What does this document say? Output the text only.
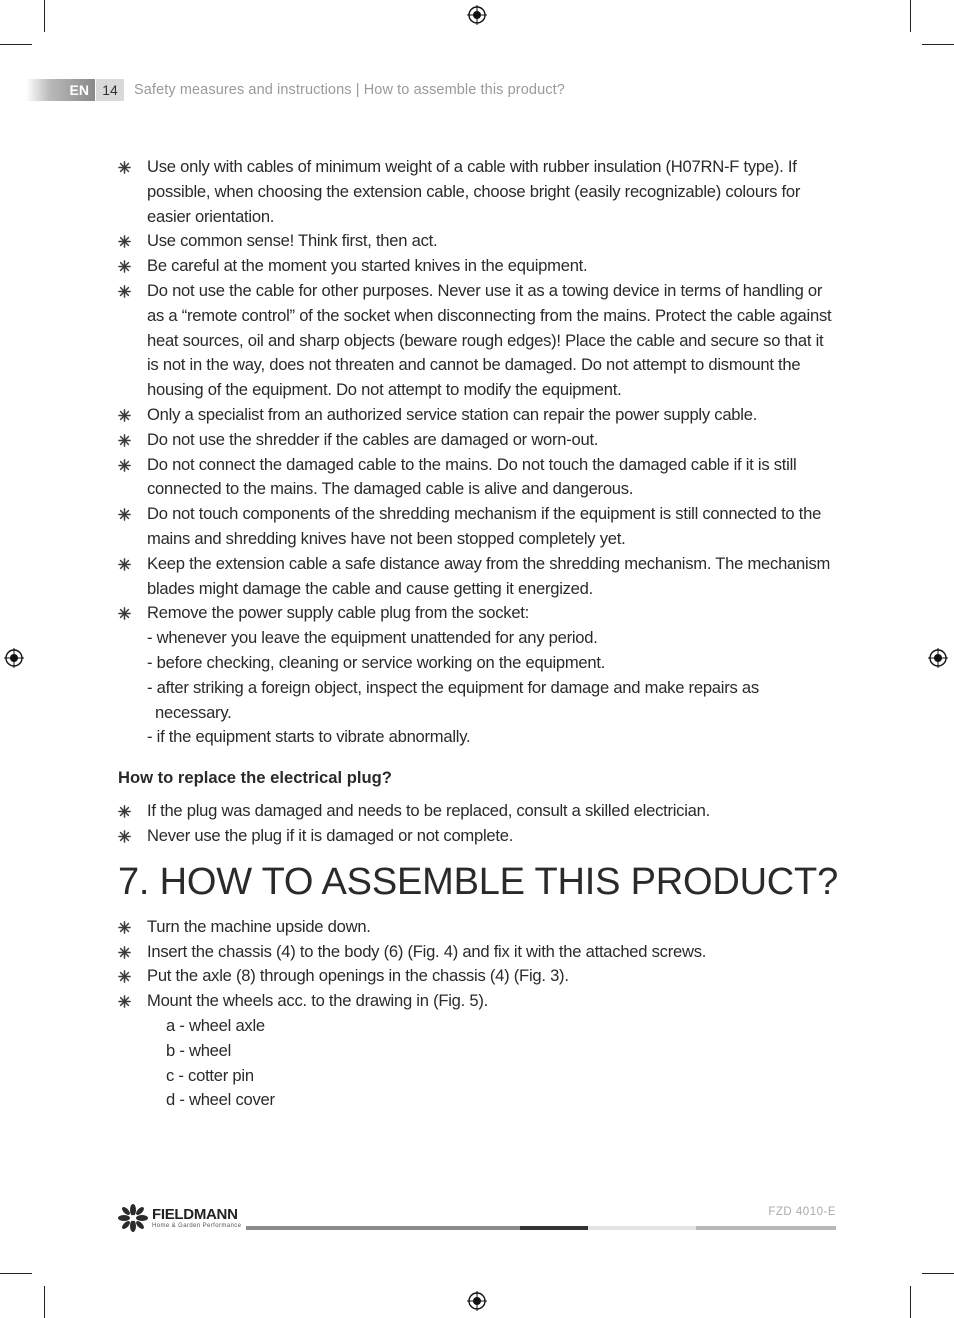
EN 14	Safety measures and instructions | How to assemble this product?
Use only with cables of minimum weight of a cable with rubber insulation (H07RN-F type). If possible, when choosing the extension cable, choose bright (easily recognizable) colours for easier orientation.
Use common sense! Think first, then act.
Be careful at the moment you started knives in the equipment.
Do not use the cable for other purposes. Never use it as a towing device in terms of handling or as a “remote control” of the socket when disconnecting from the mains. Protect the cable against heat sources, oil and sharp objects (beware rough edges)! Place the cable and secure so that it is not in the way, does not threaten and cannot be damaged. Do not attempt to dismount the housing of the equipment. Do not attempt to modify the equipment.
Only a specialist from an authorized service station can repair the power supply cable.
Do not use the shredder if the cables are damaged or worn-out.
Do not connect the damaged cable to the mains. Do not touch the damaged cable if it is still connected to the mains. The damaged cable is alive and dangerous.
Do not touch components of the shredding mechanism if the equipment is still connected to the mains and shredding knives have not been stopped completely yet.
Keep the extension cable a safe distance away from the shredding mechanism. The mechanism blades might damage the cable and cause getting it energized.
Remove the power supply cable plug from the socket:
- whenever you leave the equipment unattended for any period.
- before checking, cleaning or service working on the equipment.
- after striking a foreign object, inspect the equipment for damage and make repairs as necessary.
- if the equipment starts to vibrate abnormally.
How to replace the electrical plug?
If the plug was damaged and needs to be replaced, consult a skilled electrician.
Never use the plug if it is damaged or not complete.
7. HOW TO ASSEMBLE THIS PRODUCT?
Turn the machine upside down.
Insert the chassis (4) to the body (6) (Fig. 4) and fix it with the attached screws.
Put the axle (8) through openings in the chassis (4) (Fig. 3).
Mount the wheels acc. to the drawing in (Fig. 5).
a - wheel axle
b - wheel
c - cotter pin
d - wheel cover
FIELDMANN
Home & Garden Performance
FZD 4010-E
